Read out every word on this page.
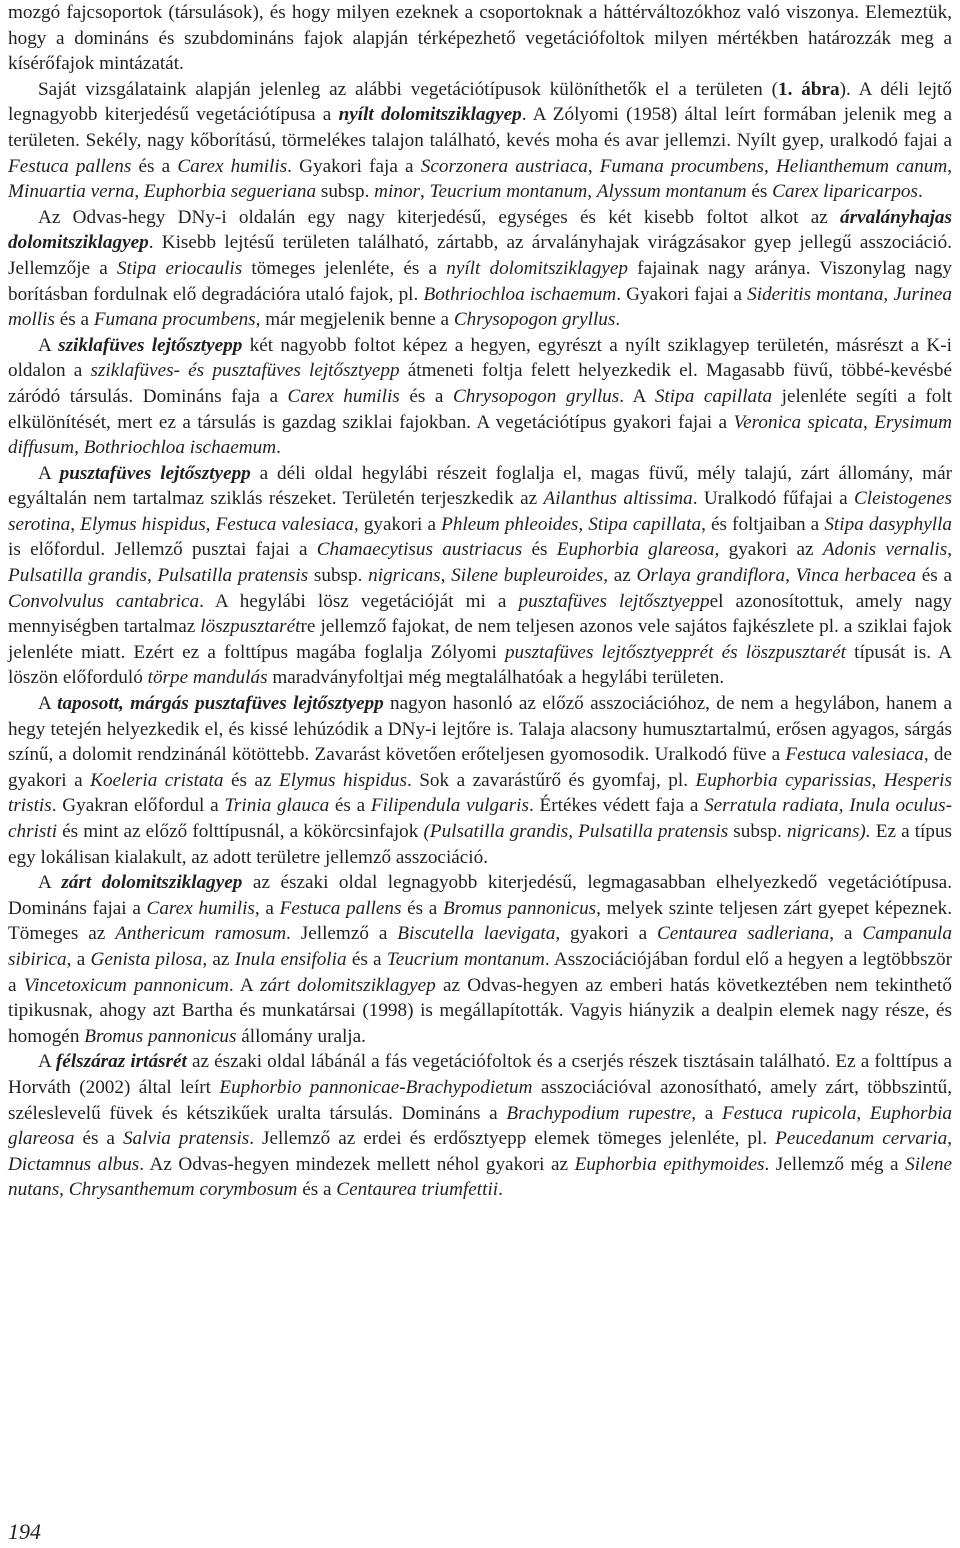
mozgó fajcsoportok (társulások), és hogy milyen ezeknek a csoportoknak a háttérváltozókhoz való viszonya. Elemeztük, hogy a domináns és szubdomináns fajok alapján térképezhető vegetációfoltok milyen mértékben határozzák meg a kísérőfajok mintázatát.

Saját vizsgálataink alapján jelenleg az alábbi vegetációtípusok különíthetők el a területen (1. ábra). A déli lejtő legnagyobb kiterjedésű vegetációtípusa a nyílt dolomitsziklagyep. A Zólyomi (1958) által leírt formában jelenik meg a területen. Sekély, nagy kőborítású, törmelékes talajon található, kevés moha és avar jellemzi. Nyílt gyep, uralkodó fajai a Festuca pallens és a Carex humilis. Gyakori faja a Scorzonera austriaca, Fumana procumbens, Helianthemum canum, Minuartia verna, Euphorbia segueriana subsp. minor, Teucrium montanum, Alyssum montanum és Carex liparicarpos.

Az Odvas-hegy DNy-i oldalán egy nagy kiterjedésű, egységes és két kisebb foltot alkot az árvalányhajas dolomitsziklagyep. Kisebb lejtésű területen található, zártabb, az árvalányhajak virágzásakor gyep jellegű asszociáció. Jellemzője a Stipa eriocaulis tömeges jelenléte, és a nyílt dolomitsziklagyep fajainak nagy aránya. Viszonylag nagy borításban fordulnak elő degradációra utaló fajok, pl. Bothriochloa ischaemum. Gyakori fajai a Sideritis montana, Jurinea mollis és a Fumana procumbens, már megjelenik benne a Chrysopogon gryllus.

A sziklafüves lejtősztyepp két nagyobb foltot képez a hegyen, egyrészt a nyílt sziklagyep területén, másrészt a K-i oldalon a sziklafüves- és pusztafüves lejtősztyepp átmeneti foltja felett helyezkedik el. Magasabb füvű, többé-kevésbé záródó társulás. Domináns faja a Carex humilis és a Chrysopogon gryllus. A Stipa capillata jelenléte segíti a folt elkülönítését, mert ez a társulás is gazdag sziklai fajokban. A vegetációtípus gyakori fajai a Veronica spicata, Erysimum diffusum, Bothriochloa ischaemum.

A pusztafüves lejtősztyepp a déli oldal hegylábi részeit foglalja el, magas füvű, mély talajú, zárt állomány, már egyáltalán nem tartalmaz sziklás részeket. Területén terjeszkedik az Ailanthus altissima. Uralkodó fűfajai a Cleistogenes serotina, Elymus hispidus, Festuca valesiaca, gyakori a Phleum phleoides, Stipa capillata, és foltjaiban a Stipa dasyphylla is előfordul. Jellemző pusztai fajai a Chamaecytisus austriacus és Euphorbia glareosa, gyakori az Adonis vernalis, Pulsatilla grandis, Pulsatilla pratensis subsp. nigricans, Silene bupleuroides, az Orlaya grandiflora, Vinca herbacea és a Convolvulus cantabrica. A hegylábi lösz vegetációját mi a pusztafüves lejtősztyeppel azonosítottuk, amely nagy mennyiségben tartalmaz löszpusztarétre jellemző fajokat, de nem teljesen azonos vele sajátos fajkészlete pl. a sziklai fajok jelenléte miatt. Ezért ez a folttípus magába foglalja Zólyomi pusztafüves lejtősztyepprét és löszpusztarét típusát is. A löszön előforduló törpe mandulás maradványfoltjai még megtalálhatóak a hegylábi területen.

A taposott, márgás pusztafüves lejtősztyepp nagyon hasonló az előző asszociációhoz, de nem a hegylábon, hanem a hegy tetején helyezkedik el, és kissé lehúzódik a DNy-i lejtőre is. Talaja alacsony humusztartalmú, erősen agyagos, sárgás színű, a dolomit rendzinánál kötöttebb. Zavarást követően erőteljesen gyomosodik. Uralkodó füve a Festuca valesiaca, de gyakori a Koeleria cristata és az Elymus hispidus. Sok a zavarástűrő és gyomfaj, pl. Euphorbia cyparissias, Hesperis tristis. Gyakran előfordul a Trinia glauca és a Filipendula vulgaris. Értékes védett faja a Serratula radiata, Inula oculus-christi és mint az előző folttípusnál, a kökörcsinfajok (Pulsatilla grandis, Pulsatilla pratensis subsp. nigricans). Ez a típus egy lokálisan kialakult, az adott területre jellemző asszociáció.

A zárt dolomitsziklagyep az északi oldal legnagyobb kiterjedésű, legmagasabban elhelyezkedő vegetációtípusa. Domináns fajai a Carex humilis, a Festuca pallens és a Bromus pannonicus, melyek szinte teljesen zárt gyepet képeznek. Tömeges az Anthericum ramosum. Jellemző a Biscutella laevigata, gyakori a Centaurea sadleriana, a Campanula sibirica, a Genista pilosa, az Inula ensifolia és a Teucrium montanum. Asszociációjában fordul elő a hegyen a legtöbbször a Vincetoxicum pannonicum. A zárt dolomitsziklagyep az Odvas-hegyen az emberi hatás következtében nem tekinthető tipikusnak, ahogy azt Bartha és munkatársai (1998) is megállapították. Vagyis hiányzik a dealpin elemek nagy része, és homogén Bromus pannonicus állomány uralja.

A félszáraz irtásrét az északi oldal lábánál a fás vegetációfoltok és a cserjés részek tisztásain található. Ez a folttípus a Horváth (2002) által leírt Euphorbio pannonicae-Brachypodietum asszociációval azonosítható, amely zárt, többszintű, széleslevelű füvek és kétszikűek uralta társulás. Domináns a Brachypodium rupestre, a Festuca rupicola, Euphorbia glareosa és a Salvia pratensis. Jellemző az erdei és erdősztyepp elemek tömeges jelenléte, pl. Peucedanum cervaria, Dictamnus albus. Az Odvas-hegyen mindezek mellett néhol gyakori az Euphorbia epithymoides. Jellemző még a Silene nutans, Chrysanthemum corymbosum és a Centaurea triumfettii.

194
